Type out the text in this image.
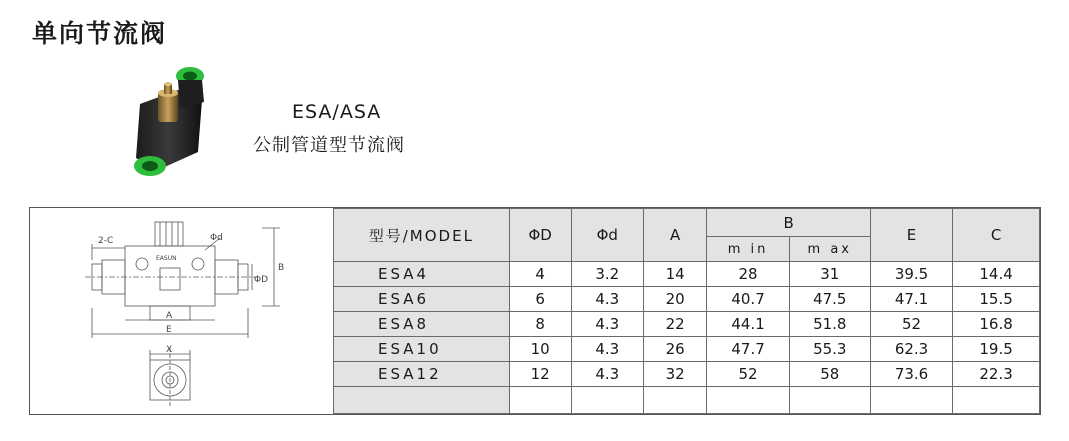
单向节流阀
ESA/ASA
公制管道型节流阀
2-C	Φd
B
ΦD
A
E
X
EASUN
型号/MODEL	ΦD	Φd	A	B		E	C
				m in	m ax		
ESA4	4	3.2	14	28	31	39.5	14.4
ESA6	6	4.3	20	40.7	47.5	47.1	15.5
ESA8	8	4.3	22	44.1	51.8	52	16.8
ESA10	10	4.3	26	47.7	55.3	62.3	19.5
ESA12	12	4.3	32	52	58	73.6	22.3
